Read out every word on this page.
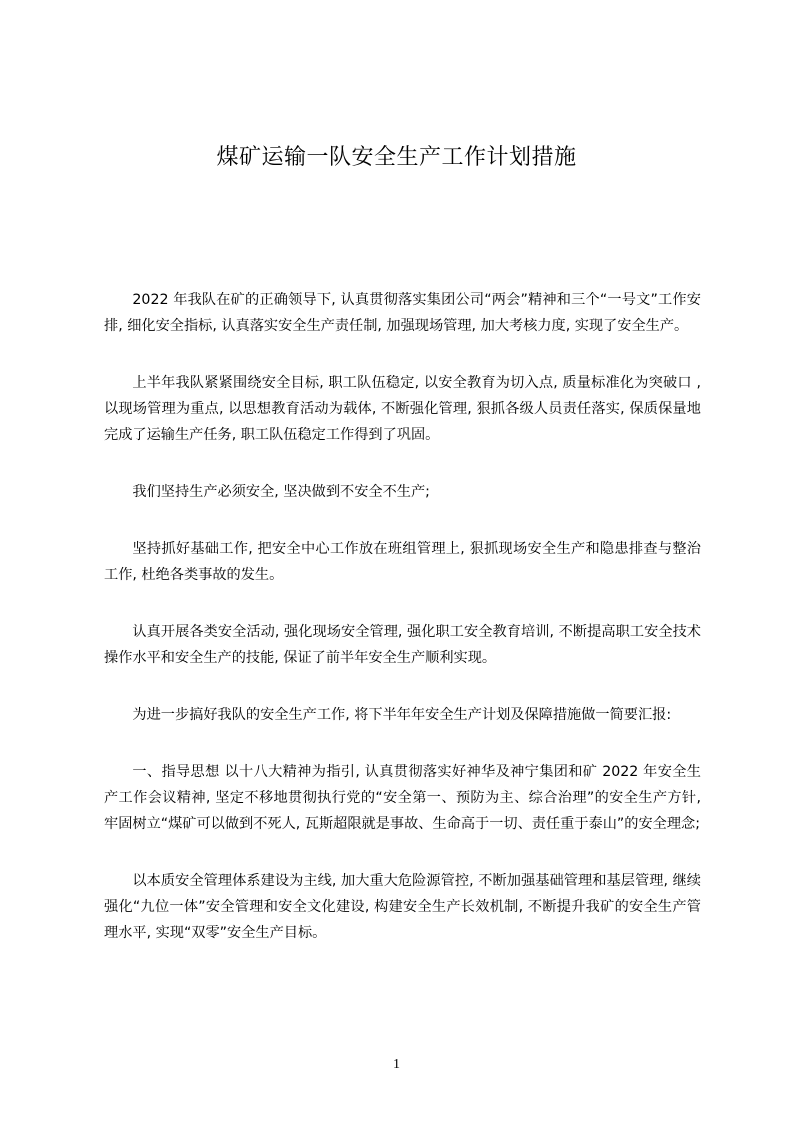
煤矿运输一队安全生产工作计划措施

2022 年我队在矿的正确领导下, 认真贯彻落实集团公司“两会”精神和三个“一号文”工作安排, 细化安全指标, 认真落实安全生产责任制, 加强现场管理, 加大考核力度, 实现了安全生产。

上半年我队紧紧围绕安全目标, 职工队伍稳定, 以安全教育为切入点, 质量标准化为突破口 , 以现场管理为重点, 以思想教育活动为载体, 不断强化管理, 狠抓各级人员责任落实, 保质保量地完成了运输生产任务, 职工队伍稳定工作得到了巩固。

我们坚持生产必须安全, 坚决做到不安全不生产;

坚持抓好基础工作, 把安全中心工作放在班组管理上, 狠抓现场安全生产和隐患排查与整治工作, 杜绝各类事故的发生。

认真开展各类安全活动, 强化现场安全管理, 强化职工安全教育培训, 不断提高职工安全技术操作水平和安全生产的技能, 保证了前半年安全生产顺利实现。

为进一步搞好我队的安全生产工作, 将下半年年安全生产计划及保障措施做一简要汇报:

一、指导思想 以十八大精神为指引, 认真贯彻落实好神华及神宁集团和矿 2022 年安全生产工作会议精神, 坚定不移地贯彻执行党的“安全第一、预防为主、综合治理”的安全生产方针, 牢固树立“煤矿可以做到不死人, 瓦斯超限就是事故、生命高于一切、责任重于泰山”的安全理念;

以本质安全管理体系建设为主线, 加大重大危险源管控, 不断加强基础管理和基层管理, 继续强化“九位一体”安全管理和安全文化建设, 构建安全生产长效机制, 不断提升我矿的安全生产管理水平, 实现“双零”安全生产目标。

1
